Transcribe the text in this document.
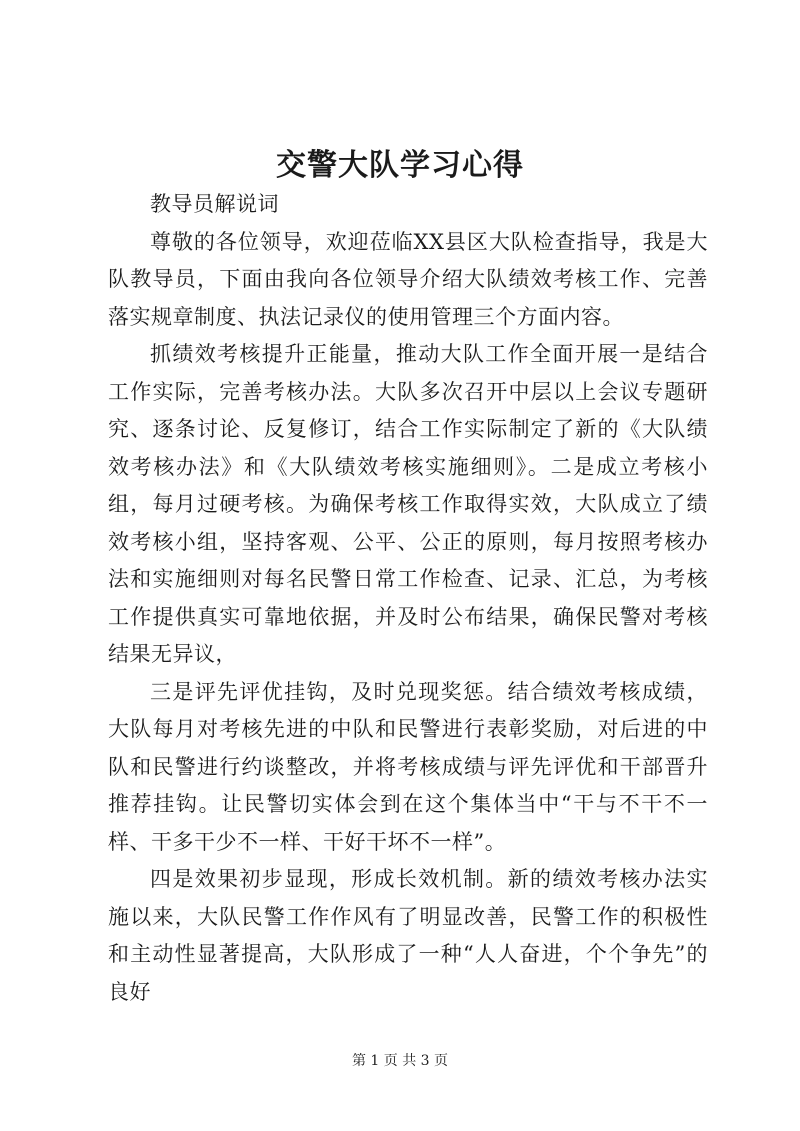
交警大队学习心得

教导员解说词

尊敬的各位领导，欢迎莅临XX县区大队检查指导，我是大队教导员，下面由我向各位领导介绍大队绩效考核工作、完善落实规章制度、执法记录仪的使用管理三个方面内容。

抓绩效考核提升正能量，推动大队工作全面开展一是结合工作实际，完善考核办法。大队多次召开中层以上会议专题研究、逐条讨论、反复修订，结合工作实际制定了新的《大队绩效考核办法》和《大队绩效考核实施细则》。二是成立考核小组，每月过硬考核。为确保考核工作取得实效，大队成立了绩效考核小组，坚持客观、公平、公正的原则，每月按照考核办法和实施细则对每名民警日常工作检查、记录、汇总，为考核工作提供真实可靠地依据，并及时公布结果，确保民警对考核结果无异议，

三是评先评优挂钩，及时兑现奖惩。结合绩效考核成绩，大队每月对考核先进的中队和民警进行表彰奖励，对后进的中队和民警进行约谈整改，并将考核成绩与评先评优和干部晋升推荐挂钩。让民警切实体会到在这个集体当中“干与不干不一样、干多干少不一样、干好干坏不一样”。

四是效果初步显现，形成长效机制。新的绩效考核办法实施以来，大队民警工作作风有了明显改善，民警工作的积极性和主动性显著提高，大队形成了一种“人人奋进，个个争先”的良好

第 1 页 共 3 页
